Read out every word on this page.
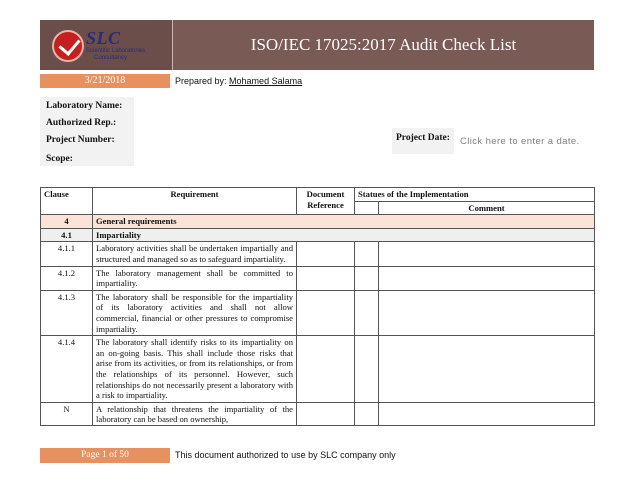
SLC
Scientific Laboratories
Consultancy
ISO/IEC 17025:2017 Audit Check List
3/21/2018	Prepared by: Mohamed Salama
Laboratory Name:
Authorized Rep.:
Project Number:
Scope:
Project Date:	Click here to enter a date.
Clause	Requirement	Document
Reference	Statues of the Implementation	
				Comment
4	General requirements			
4.1	Impartiality			
4.1.1	Laboratory activities shall be undertaken impartially and structured and managed so as to safeguard impartiality.			
4.1.2	The laboratory management shall be committed to impartiality.			
4.1.3	The laboratory shall be responsible for the impartiality of its laboratory activities and shall not allow commercial, financial or other pressures to compromise impartiality.			
4.1.4	The laboratory shall identify risks to its impartiality on an on-going basis. This shall include those risks that arise from its activities, or from its relationships, or from the relationships of its personnel. However, such relationships do not necessarily present a laboratory with a risk to impartiality.			
N	A relationship that threatens the impartiality of the laboratory can be based on ownership,			

Page 1 of 50	This document authorized to use by SLC company only
